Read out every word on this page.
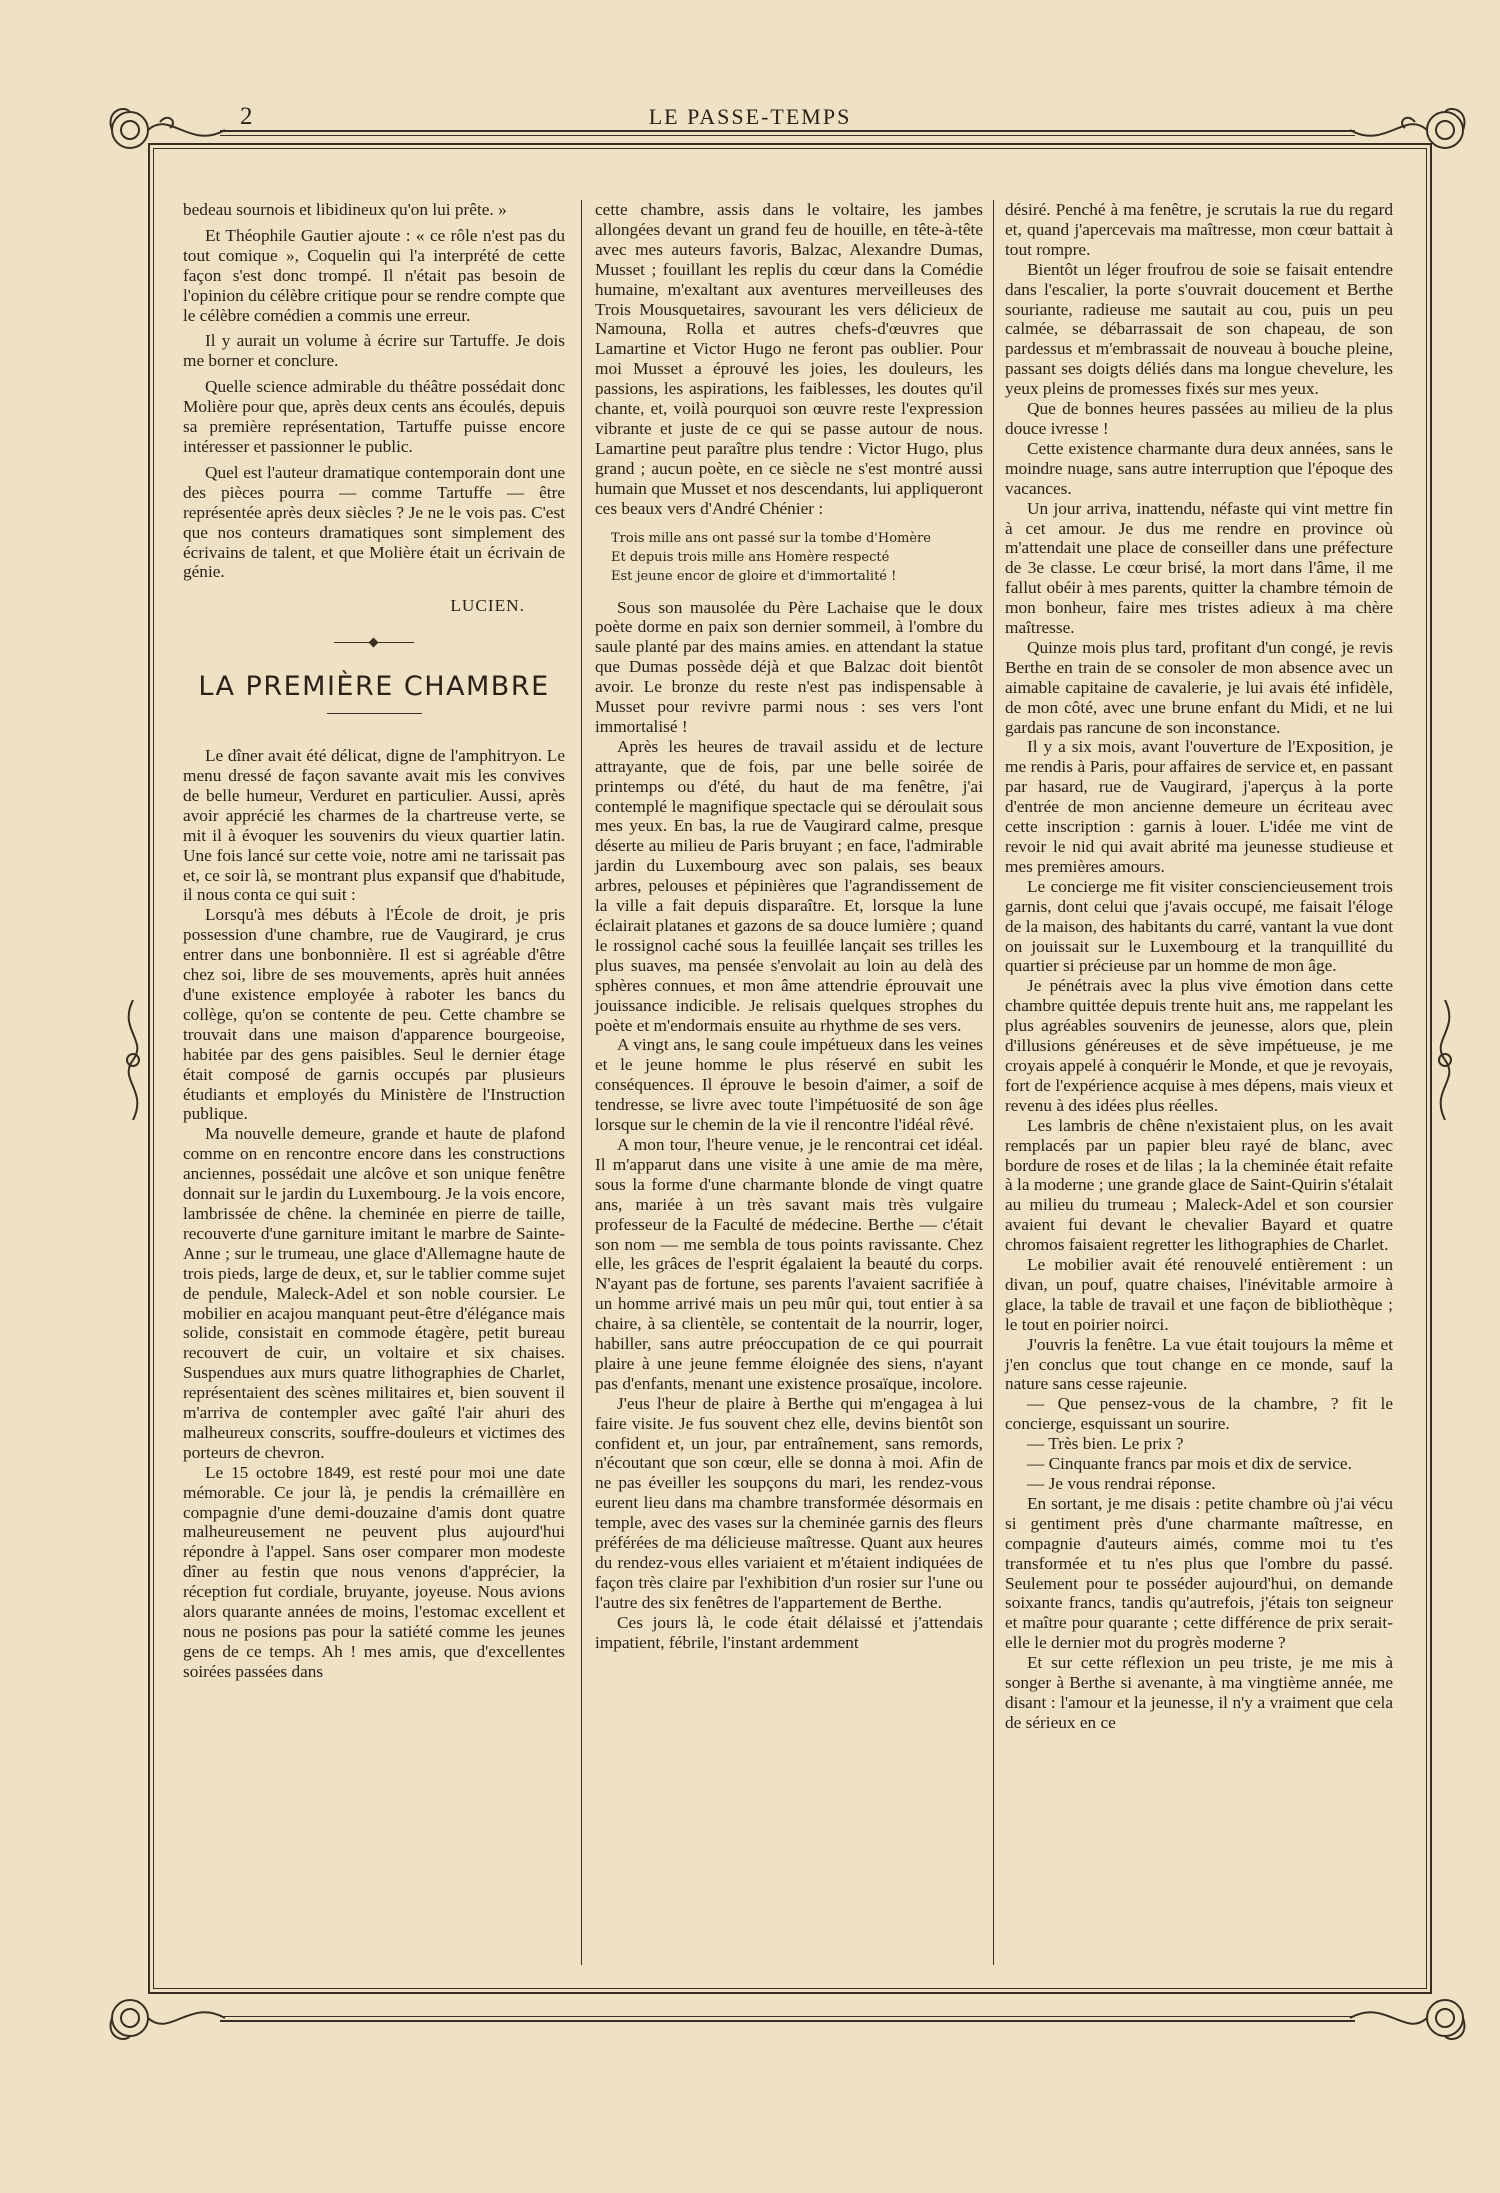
2	LE PASSE-TEMPS

bedeau sournois et libidineux qu'on lui prête. »

Et Théophile Gautier ajoute : « ce rôle n'est pas du tout comique », Coquelin qui l'a interprété de cette façon s'est donc trompé. Il n'était pas besoin de l'opinion du célèbre critique pour se rendre compte que le célèbre comédien a commis une erreur.

Il y aurait un volume à écrire sur Tartuffe. Je dois me borner et conclure.

Quelle science admirable du théâtre possédait donc Molière pour que, après deux cents ans écoulés, depuis sa première représentation, Tartuffe puisse encore intéresser et passionner le public.

Quel est l'auteur dramatique contemporain dont une des pièces pourra — comme Tartuffe — être représentée après deux siècles ? Je ne le vois pas. C'est que nos conteurs dramatiques sont simplement des écrivains de talent, et que Molière était un écrivain de génie.

LUCIEN.
LA PREMIÈRE CHAMBRE

Le dîner avait été délicat, digne de l'amphitryon. Le menu dressé de façon savante avait mis les convives de belle humeur, Verduret en particulier. Aussi, après avoir apprécié les charmes de la chartreuse verte, se mit il à évoquer les souvenirs du vieux quartier latin. Une fois lancé sur cette voie, notre ami ne tarissait pas et, ce soir là, se montrant plus expansif que d'habitude, il nous conta ce qui suit :

Lorsqu'à mes débuts à l'École de droit, je pris possession d'une chambre, rue de Vaugirard, je crus entrer dans une bonbonnière. Il est si agréable d'être chez soi, libre de ses mouvements, après huit années d'une existence employée à raboter les bancs du collège, qu'on se contente de peu. Cette chambre se trouvait dans une maison d'apparence bourgeoise, habitée par des gens paisibles. Seul le dernier étage était composé de garnis occupés par plusieurs étudiants et employés du Ministère de l'Instruction publique.

Ma nouvelle demeure, grande et haute de plafond comme on en rencontre encore dans les constructions anciennes, possédait une alcôve et son unique fenêtre donnait sur le jardin du Luxembourg. Je la vois encore, lambrissée de chêne. la cheminée en pierre de taille, recouverte d'une garniture imitant le marbre de Sainte-Anne ; sur le trumeau, une glace d'Allemagne haute de trois pieds, large de deux, et, sur le tablier comme sujet de pendule, Maleck-Adel et son noble coursier. Le mobilier en acajou manquant peut-être d'élégance mais solide, consistait en commode étagère, petit bureau recouvert de cuir, un voltaire et six chaises. Suspendues aux murs quatre lithographies de Charlet, représentaient des scènes militaires et, bien souvent il m'arriva de contempler avec gaîté l'air ahuri des malheureux conscrits, souffre-douleurs et victimes des porteurs de chevron.

Le 15 octobre 1849, est resté pour moi une date mémorable. Ce jour là, je pendis la crémaillère en compagnie d'une demi-douzaine d'amis dont quatre malheureusement ne peuvent plus aujourd'hui répondre à l'appel. Sans oser comparer mon modeste dîner au festin que nous venons d'apprécier, la réception fut cordiale, bruyante, joyeuse. Nous avions alors quarante années de moins, l'estomac excellent et nous ne posions pas pour la satiété comme les jeunes gens de ce temps. Ah ! mes amis, que d'excellentes soirées passées dans

cette chambre, assis dans le voltaire, les jambes allongées devant un grand feu de houille, en tête-à-tête avec mes auteurs favoris, Balzac, Alexandre Dumas, Musset ; fouillant les replis du cœur dans la Comédie humaine, m'exaltant aux aventures merveilleuses des Trois Mousquetaires, savourant les vers délicieux de Namouna, Rolla et autres chefs-d'œuvres que Lamartine et Victor Hugo ne feront pas oublier. Pour moi Musset a éprouvé les joies, les douleurs, les passions, les aspirations, les faiblesses, les doutes qu'il chante, et, voilà pourquoi son œuvre reste l'expression vibrante et juste de ce qui se passe autour de nous. Lamartine peut paraître plus tendre : Victor Hugo, plus grand ; aucun poète, en ce siècle ne s'est montré aussi humain que Musset et nos descendants, lui appliqueront ces beaux vers d'André Chénier :

Trois mille ans ont passé sur la tombe d'Homère
Et depuis trois mille ans Homère respecté
Est jeune encor de gloire et d'immortalité !

Sous son mausolée du Père Lachaise que le doux poète dorme en paix son dernier sommeil, à l'ombre du saule planté par des mains amies. en attendant la statue que Dumas possède déjà et que Balzac doit bientôt avoir. Le bronze du reste n'est pas indispensable à Musset pour revivre parmi nous : ses vers l'ont immortalisé !

Après les heures de travail assidu et de lecture attrayante, que de fois, par une belle soirée de printemps ou d'été, du haut de ma fenêtre, j'ai contemplé le magnifique spectacle qui se déroulait sous mes yeux. En bas, la rue de Vaugirard calme, presque déserte au milieu de Paris bruyant ; en face, l'admirable jardin du Luxembourg avec son palais, ses beaux arbres, pelouses et pépinières que l'agrandissement de la ville a fait depuis disparaître. Et, lorsque la lune éclairait platanes et gazons de sa douce lumière ; quand le rossignol caché sous la feuillée lançait ses trilles les plus suaves, ma pensée s'envolait au loin au delà des sphères connues, et mon âme attendrie éprouvait une jouissance indicible. Je relisais quelques strophes du poète et m'endormais ensuite au rhythme de ses vers.

A vingt ans, le sang coule impétueux dans les veines et le jeune homme le plus réservé en subit les conséquences. Il éprouve le besoin d'aimer, a soif de tendresse, se livre avec toute l'impétuosité de son âge lorsque sur le chemin de la vie il rencontre l'idéal rêvé.

A mon tour, l'heure venue, je le rencontrai cet idéal. Il m'apparut dans une visite à une amie de ma mère, sous la forme d'une charmante blonde de vingt quatre ans, mariée à un très savant mais très vulgaire professeur de la Faculté de médecine. Berthe — c'était son nom — me sembla de tous points ravissante. Chez elle, les grâces de l'esprit égalaient la beauté du corps. N'ayant pas de fortune, ses parents l'avaient sacrifiée à un homme arrivé mais un peu mûr qui, tout entier à sa chaire, à sa clientèle, se contentait de la nourrir, loger, habiller, sans autre préoccupation de ce qui pourrait plaire à une jeune femme éloignée des siens, n'ayant pas d'enfants, menant une existence prosaïque, incolore.

J'eus l'heur de plaire à Berthe qui m'engagea à lui faire visite. Je fus souvent chez elle, devins bientôt son confident et, un jour, par entraînement, sans remords, n'écoutant que son cœur, elle se donna à moi. Afin de ne pas éveiller les soupçons du mari, les rendez-vous eurent lieu dans ma chambre transformée désormais en temple, avec des vases sur la cheminée garnis des fleurs préférées de ma délicieuse maîtresse. Quant aux heures du rendez-vous elles variaient et m'étaient indiquées de façon très claire par l'exhibition d'un rosier sur l'une ou l'autre des six fenêtres de l'appartement de Berthe.

Ces jours là, le code était délaissé et j'attendais impatient, fébrile, l'instant ardemment

désiré. Penché à ma fenêtre, je scrutais la rue du regard et, quand j'apercevais ma maîtresse, mon cœur battait à tout rompre.

Bientôt un léger froufrou de soie se faisait entendre dans l'escalier, la porte s'ouvrait doucement et Berthe souriante, radieuse me sautait au cou, puis un peu calmée, se débarrassait de son chapeau, de son pardessus et m'embrassait de nouveau à bouche pleine, passant ses doigts déliés dans ma longue chevelure, les yeux pleins de promesses fixés sur mes yeux.

Que de bonnes heures passées au milieu de la plus douce ivresse !

Cette existence charmante dura deux années, sans le moindre nuage, sans autre interruption que l'époque des vacances.

Un jour arriva, inattendu, néfaste qui vint mettre fin à cet amour. Je dus me rendre en province où m'attendait une place de conseiller dans une préfecture de 3e classe. Le cœur brisé, la mort dans l'âme, il me fallut obéir à mes parents, quitter la chambre témoin de mon bonheur, faire mes tristes adieux à ma chère maîtresse.

Quinze mois plus tard, profitant d'un congé, je revis Berthe en train de se consoler de mon absence avec un aimable capitaine de cavalerie, je lui avais été infidèle, de mon côté, avec une brune enfant du Midi, et ne lui gardais pas rancune de son inconstance.

Il y a six mois, avant l'ouverture de l'Exposition, je me rendis à Paris, pour affaires de service et, en passant par hasard, rue de Vaugirard, j'aperçus à la porte d'entrée de mon ancienne demeure un écriteau avec cette inscription : garnis à louer. L'idée me vint de revoir le nid qui avait abrité ma jeunesse studieuse et mes premières amours.

Le concierge me fit visiter consciencieusement trois garnis, dont celui que j'avais occupé, me faisait l'éloge de la maison, des habitants du carré, vantant la vue dont on jouissait sur le Luxembourg et la tranquillité du quartier si précieuse par un homme de mon âge.

Je pénétrais avec la plus vive émotion dans cette chambre quittée depuis trente huit ans, me rappelant les plus agréables souvenirs de jeunesse, alors que, plein d'illusions généreuses et de sève impétueuse, je me croyais appelé à conquérir le Monde, et que je revoyais, fort de l'expérience acquise à mes dépens, mais vieux et revenu à des idées plus réelles.

Les lambris de chêne n'existaient plus, on les avait remplacés par un papier bleu rayé de blanc, avec bordure de roses et de lilas ; la la cheminée était refaite à la moderne ; une grande glace de Saint-Quirin s'étalait au milieu du trumeau ; Maleck-Adel et son coursier avaient fui devant le chevalier Bayard et quatre chromos faisaient regretter les lithographies de Charlet.

Le mobilier avait été renouvelé entièrement : un divan, un pouf, quatre chaises, l'inévitable armoire à glace, la table de travail et une façon de bibliothèque ; le tout en poirier noirci.

J'ouvris la fenêtre. La vue était toujours la même et j'en conclus que tout change en ce monde, sauf la nature sans cesse rajeunie.

— Que pensez-vous de la chambre, ? fit le concierge, esquissant un sourire.

— Très bien. Le prix ?

— Cinquante francs par mois et dix de service.

— Je vous rendrai réponse.

En sortant, je me disais : petite chambre où j'ai vécu si gentiment près d'une charmante maîtresse, en compagnie d'auteurs aimés, comme moi tu t'es transformée et tu n'es plus que l'ombre du passé. Seulement pour te posséder aujourd'hui, on demande soixante francs, tandis qu'autrefois, j'étais ton seigneur et maître pour quarante ; cette différence de prix serait-elle le dernier mot du progrès moderne ?

Et sur cette réflexion un peu triste, je me mis à songer à Berthe si avenante, à ma vingtième année, me disant : l'amour et la jeunesse, il n'y a vraiment que cela de sérieux en ce
